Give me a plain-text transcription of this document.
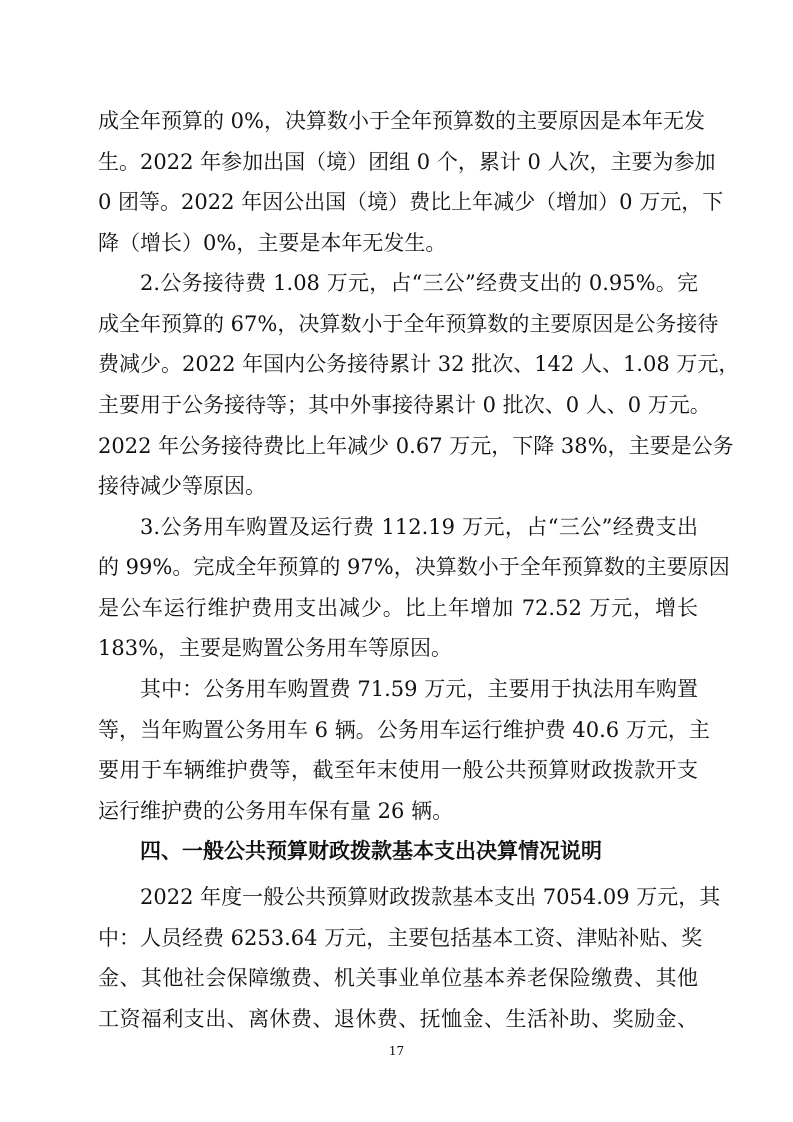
成全年预算的 0%，决算数小于全年预算数的主要原因是本年无发
生。2022 年参加出国（境）团组 0 个，累计 0 人次，主要为参加
0 团等。2022 年因公出国（境）费比上年减少（增加）0 万元，下
降（增长）0%，主要是本年无发生。
2.公务接待费 1.08 万元，占“三公”经费支出的 0.95%。完
成全年预算的 67%，决算数小于全年预算数的主要原因是公务接待
费减少。2022 年国内公务接待累计 32 批次、142 人、1.08 万元，
主要用于公务接待等；其中外事接待累计 0 批次、0 人、0 万元。
2022 年公务接待费比上年减少 0.67 万元，下降 38%，主要是公务
接待减少等原因。
3.公务用车购置及运行费 112.19 万元，占“三公”经费支出
的 99%。完成全年预算的 97%，决算数小于全年预算数的主要原因
是公车运行维护费用支出减少。比上年增加 72.52 万元，增长
183%，主要是购置公务用车等原因。
其中：公务用车购置费 71.59 万元，主要用于执法用车购置
等，当年购置公务用车 6 辆。公务用车运行维护费 40.6 万元，主
要用于车辆维护费等，截至年末使用一般公共预算财政拨款开支
运行维护费的公务用车保有量 26 辆。
四、一般公共预算财政拨款基本支出决算情况说明
2022 年度一般公共预算财政拨款基本支出 7054.09 万元，其
中：人员经费 6253.64 万元，主要包括基本工资、津贴补贴、奖
金、其他社会保障缴费、机关事业单位基本养老保险缴费、其他
工资福利支出、离休费、退休费、抚恤金、生活补助、奖励金、
17
